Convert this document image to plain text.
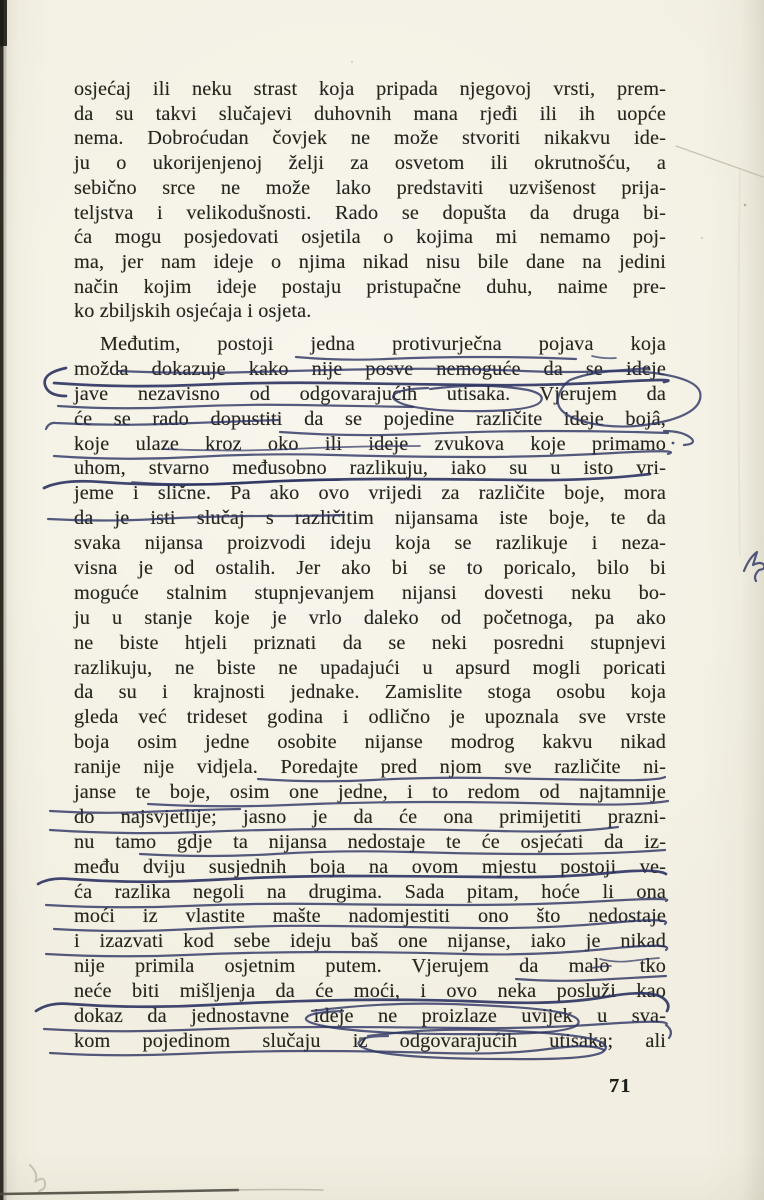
osjećaj ili neku strast koja pripada njegovoj vrsti, prem-
da su takvi slučajevi duhovnih mana rjeđi ili ih uopće
nema. Dobroćudan čovjek ne može stvoriti nikakvu ide-
ju o ukorijenjenoj želji za osvetom ili okrutnošću, a
sebično srce ne može lako predstaviti uzvišenost prija-
teljstva i velikodušnosti. Rado se dopušta da druga bi-
ća mogu posjedovati osjetila o kojima mi nemamo poj-
ma, jer nam ideje o njima nikad nisu bile dane na jedini
način kojim ideje postaju pristupačne duhu, naime pre-
ko zbiljskih osjećaja i osjeta.
Međutim, postoji jedna protivurječna pojava koja
možda dokazuje kako nije posve nemoguće da se ideje
jave nezavisno od odgovarajućih utisaka. Vjerujem da
će se rado dopustiti da se pojedine različite ideje bojâ,
koje ulaze kroz oko ili ideje zvukova koje primamo
uhom, stvarno međusobno razlikuju, iako su u isto vri-
jeme i slične. Pa ako ovo vrijedi za različite boje, mora
da je isti slučaj s različitim nijansama iste boje, te da
svaka nijansa proizvodi ideju koja se razlikuje i neza-
visna je od ostalih. Jer ako bi se to poricalo, bilo bi
moguće stalnim stupnjevanjem nijansi dovesti neku bo-
ju u stanje koje je vrlo daleko od početnoga, pa ako
ne biste htjeli priznati da se neki posredni stupnjevi
razlikuju, ne biste ne upadajući u apsurd mogli poricati
da su i krajnosti jednake. Zamislite stoga osobu koja
gleda već trideset godina i odlično je upoznala sve vrste
boja osim jedne osobite nijanse modrog kakvu nikad
ranije nije vidjela. Poredajte pred njom sve različite ni-
janse te boje, osim one jedne, i to redom od najtamnije
do najsvjetlije; jasno je da će ona primijetiti prazni-
nu tamo gdje ta nijansa nedostaje te će osjećati da iz-
među dviju susjednih boja na ovom mjestu postoji ve-
ća razlika negoli na drugima. Sada pitam, hoće li ona
moći iz vlastite mašte nadomjestiti ono što nedostaje
i izazvati kod sebe ideju baš one nijanse, iako je nikad
nije primila osjetnim putem. Vjerujem da malo tko
neće biti mišljenja da će moći, i ovo neka posluži kao
dokaz da jednostavne ideje ne proizlaze uvijek u sva-
kom pojedinom slučaju iz odgovarajućih utisaka; ali
71
